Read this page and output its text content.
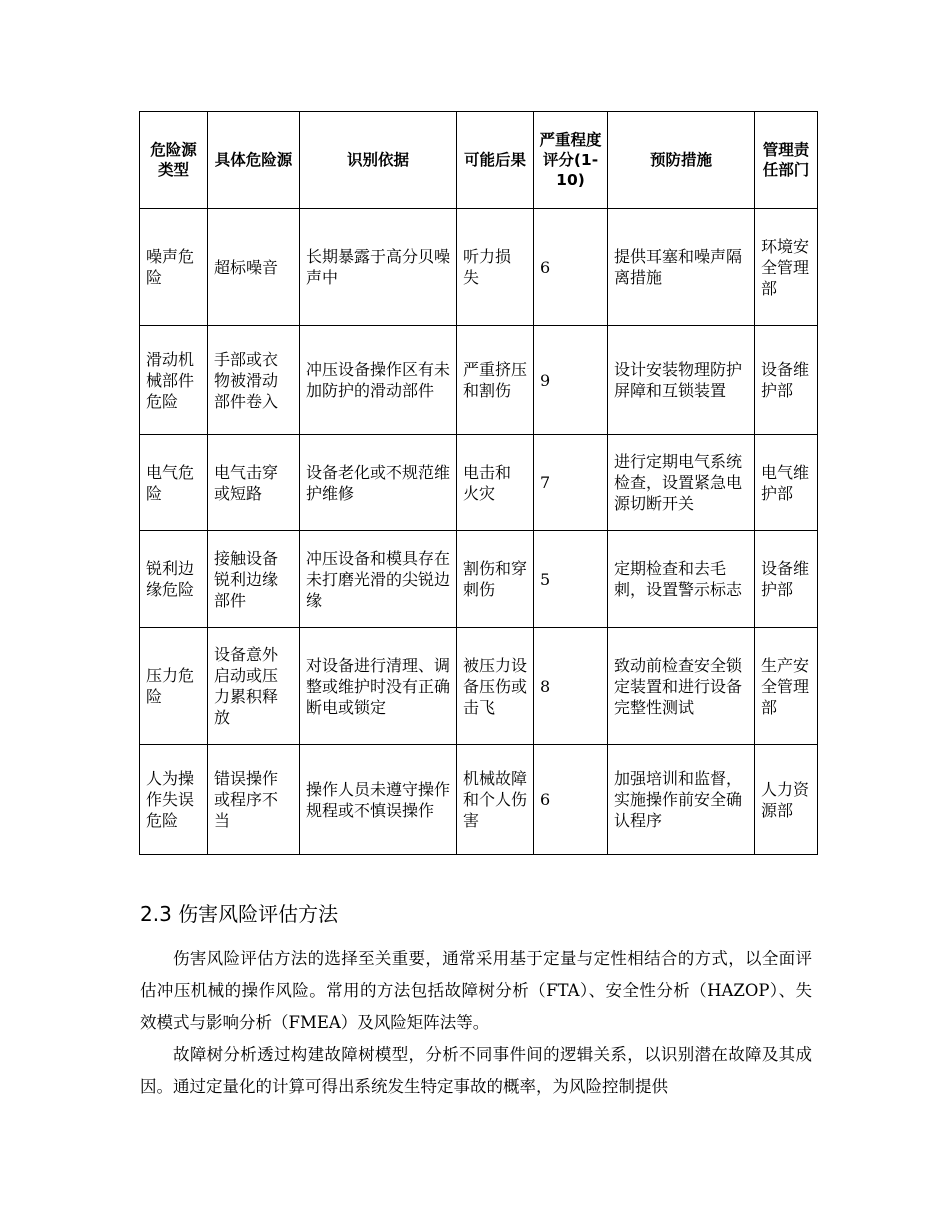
危险源类型	具体危险源	识别依据	可能后果	严重程度评分(1-10)	预防措施	管理责任部门
噪声危险	超标噪音	长期暴露于高分贝噪声中	听力损 失	6	提供耳塞和噪声隔离措施	环境安全管理部
滑动机械部件危险	手部或衣物被滑动部件卷入	冲压设备操作区有未加防护的滑动部件	严重挤压和割伤	9	设计安装物理防护屏障和互锁装置	设备维护部
电气危险	电气击穿 或短路	设备老化或不规范维护维修	电击和 火灾	7	进行定期电气系统检查，设置紧急电源切断开关	电气维护部
锐利边缘危险	接触设备锐利边缘 部件	冲压设备和模具存在未打磨光滑的尖锐边缘	割伤和穿刺伤	5	定期检查和去毛刺，设置警示标志	设备维护部
压力危险	设备意外启动或压力累积释放	对设备进行清理、调整或维护时没有正确断电或锁定	被压力设备压伤或击飞	8	致动前检查安全锁定装置和进行设备完整性测试	生产安全管理部
人为操作失误危险	错误操作或程序不当	操作人员未遵守操作规程或不慎误操作	机械故障和个人伤害	6	加强培训和监督，实施操作前安全确认程序	人力资源部
2.3 伤害风险评估方法

伤害风险评估方法的选择至关重要，通常采用基于定量与定性相结合的方式，以全面评估冲压机械的操作风险。常用的方法包括故障树分析（FTA）、安全性分析（HAZOP）、失效模式与影响分析（FMEA）及风险矩阵法等。

故障树分析透过构建故障树模型，分析不同事件间的逻辑关系，以识别潜在故障及其成因。通过定量化的计算可得出系统发生特定事故的概率，为风险控制提供
